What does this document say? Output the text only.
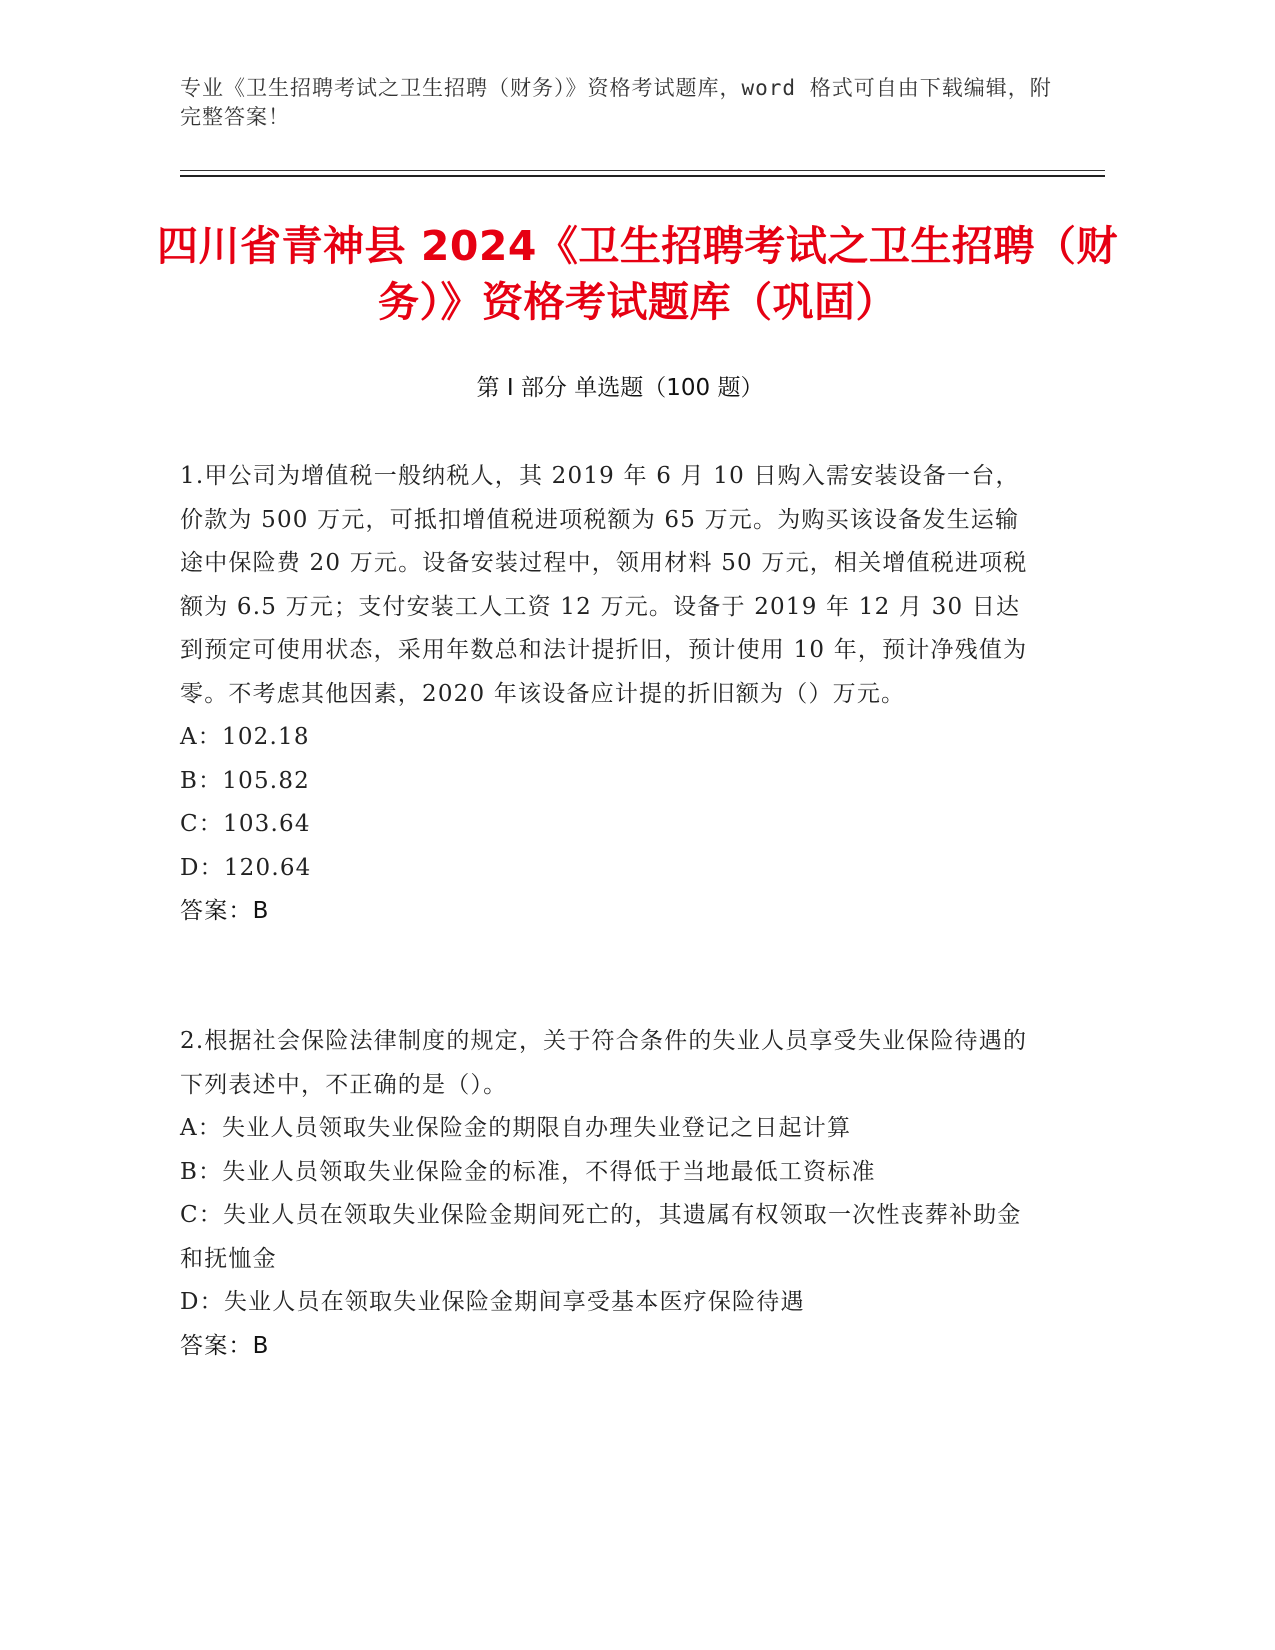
专业《卫生招聘考试之卫生招聘（财务）》资格考试题库，word 格式可自由下载编辑，附完整答案！
四川省青神县 2024《卫生招聘考试之卫生招聘（财务）》资格考试题库（巩固）
第 I 部分 单选题（100 题）

1.甲公司为增值税一般纳税人，其 2019 年 6 月 10 日购入需安装设备一台，价款为 500 万元，可抵扣增值税进项税额为 65 万元。为购买该设备发生运输途中保险费 20 万元。设备安装过程中，领用材料 50 万元，相关增值税进项税额为 6.5 万元；支付安装工人工资 12 万元。设备于 2019 年 12 月 30 日达到预定可使用状态，采用年数总和法计提折旧，预计使用 10 年，预计净残值为零。不考虑其他因素，2020 年该设备应计提的折旧额为（）万元。

A：102.18

B：105.82

C：103.64

D：120.64

答案：B

2.根据社会保险法律制度的规定，关于符合条件的失业人员享受失业保险待遇的下列表述中，不正确的是（）。

A：失业人员领取失业保险金的期限自办理失业登记之日起计算

B：失业人员领取失业保险金的标准，不得低于当地最低工资标准

C：失业人员在领取失业保险金期间死亡的，其遗属有权领取一次性丧葬补助金和抚恤金

D：失业人员在领取失业保险金期间享受基本医疗保险待遇

答案：B
